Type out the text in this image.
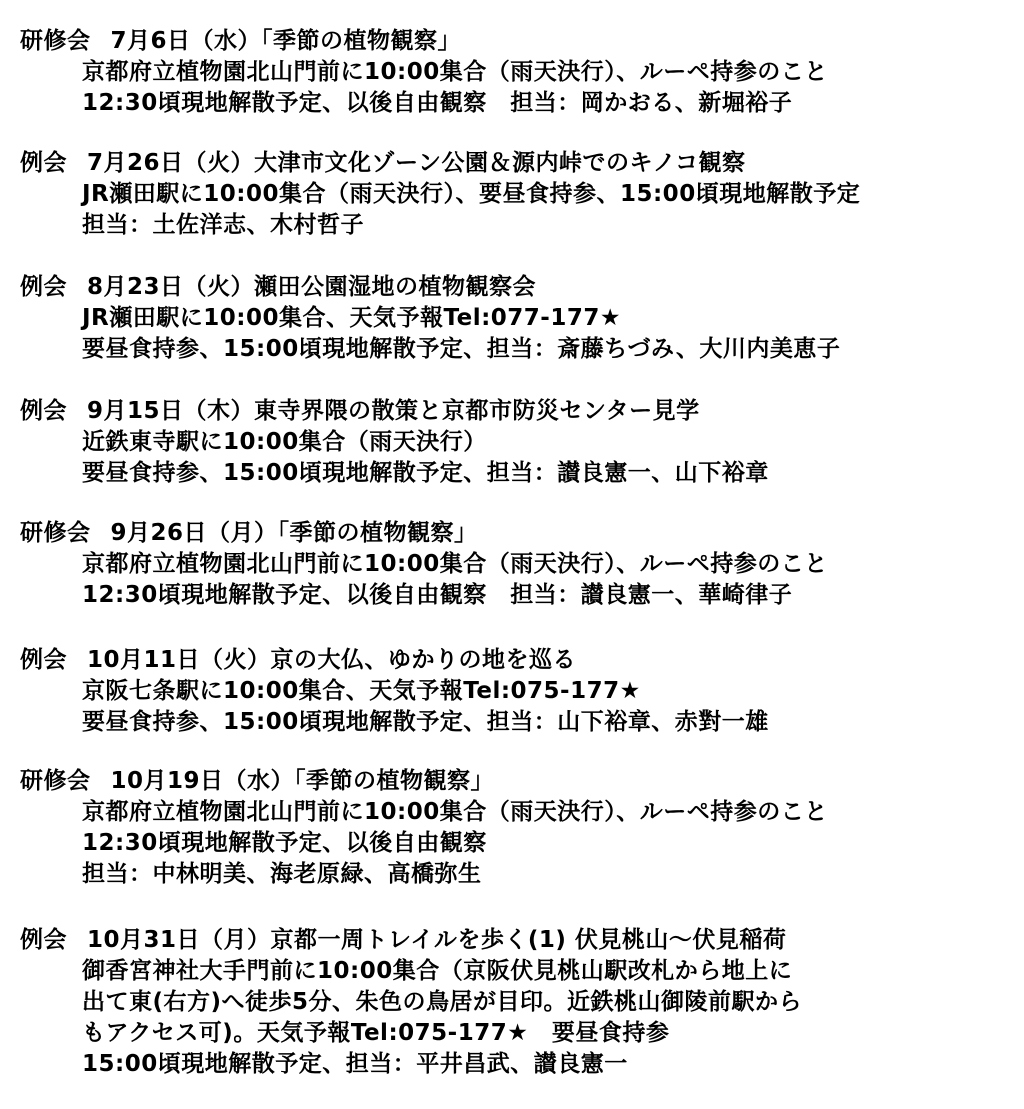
研修会 7月6日（水）「季節の植物観察」
京都府立植物園北山門前に10:00集合（雨天決行）、ルーペ持参のこと
12:30頃現地解散予定、以後自由観察　担当：岡かおる、新堀裕子
例会 7月26日（火）大津市文化ゾーン公園＆源内峠でのキノコ観察
JR瀬田駅に10:00集合（雨天決行）、要昼食持参、15:00頃現地解散予定
担当：土佐洋志、木村哲子
例会 8月23日（火）瀬田公園湿地の植物観察会
JR瀬田駅に10:00集合、天気予報Tel:077-177★
要昼食持参、15:00頃現地解散予定、担当：斎藤ちづみ、大川内美恵子
例会 9月15日（木）東寺界隈の散策と京都市防災センター見学
近鉄東寺駅に10:00集合（雨天決行）
要昼食持参、15:00頃現地解散予定、担当：讃良憲一、山下裕章
研修会 9月26日（月）「季節の植物観察」
京都府立植物園北山門前に10:00集合（雨天決行）、ルーペ持参のこと
12:30頃現地解散予定、以後自由観察　担当：讃良憲一、華崎律子
例会 10月11日（火）京の大仏、ゆかりの地を巡る
京阪七条駅に10:00集合、天気予報Tel:075-177★
要昼食持参、15:00頃現地解散予定、担当：山下裕章、赤對一雄
研修会 10月19日（水）「季節の植物観察」
京都府立植物園北山門前に10:00集合（雨天決行）、ルーペ持参のこと
12:30頃現地解散予定、以後自由観察
担当：中林明美、海老原緑、高橋弥生
例会 10月31日（月）京都一周トレイルを歩く(1) 伏見桃山～伏見稲荷
御香宮神社大手門前に10:00集合（京阪伏見桃山駅改札から地上に
出て東(右方)へ徒歩5分、朱色の鳥居が目印。近鉄桃山御陵前駅から
もアクセス可)。天気予報Tel:075-177★　要昼食持参
15:00頃現地解散予定、担当：平井昌武、讃良憲一
